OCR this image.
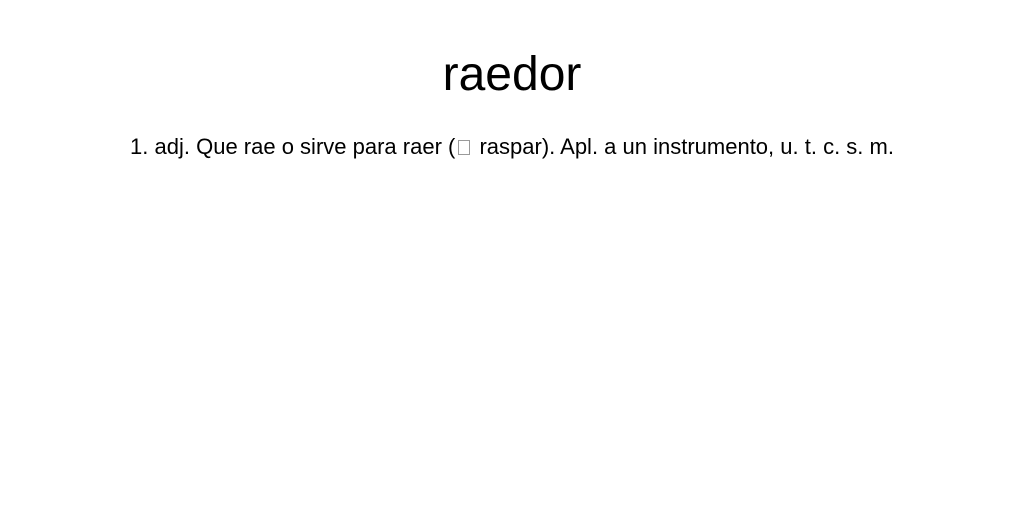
raedor

1. adj. Que rae o sirve para raer ( raspar). Apl. a un instrumento, u. t. c. s. m.
